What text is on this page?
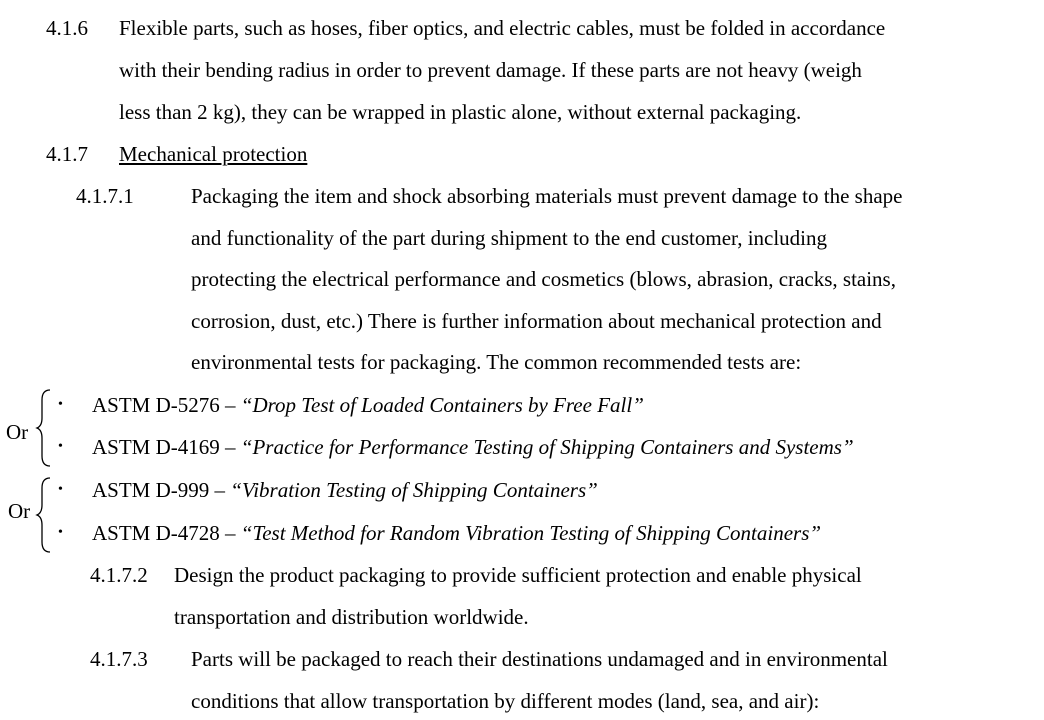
4.1.6 Flexible parts, such as hoses, fiber optics, and electric cables, must be folded in accordance
with their bending radius in order to prevent damage. If these parts are not heavy (weigh
less than 2 kg), they can be wrapped in plastic alone, without external packaging.
4.1.7 Mechanical protection
4.1.7.1	Packaging the item and shock absorbing materials must prevent damage to the shape
and functionality of the part during shipment to the end customer, including
protecting the electrical performance and cosmetics (blows, abrasion, cracks, stains,
corrosion, dust, etc.) There is further information about mechanical protection and
environmental tests for packaging. The common recommended tests are:
Or
• ASTM D-5276 – “Drop Test of Loaded Containers by Free Fall”
• ASTM D-4169 – “Practice for Performance Testing of Shipping Containers and Systems”
Or
• ASTM D-999 – “Vibration Testing of Shipping Containers”
• ASTM D-4728 – “Test Method for Random Vibration Testing of Shipping Containers”
4.1.7.2 Design the product packaging to provide sufficient protection and enable physical
transportation and distribution worldwide.
4.1.7.3 Parts will be packaged to reach their destinations undamaged and in environmental
conditions that allow transportation by different modes (land, sea, and air):
